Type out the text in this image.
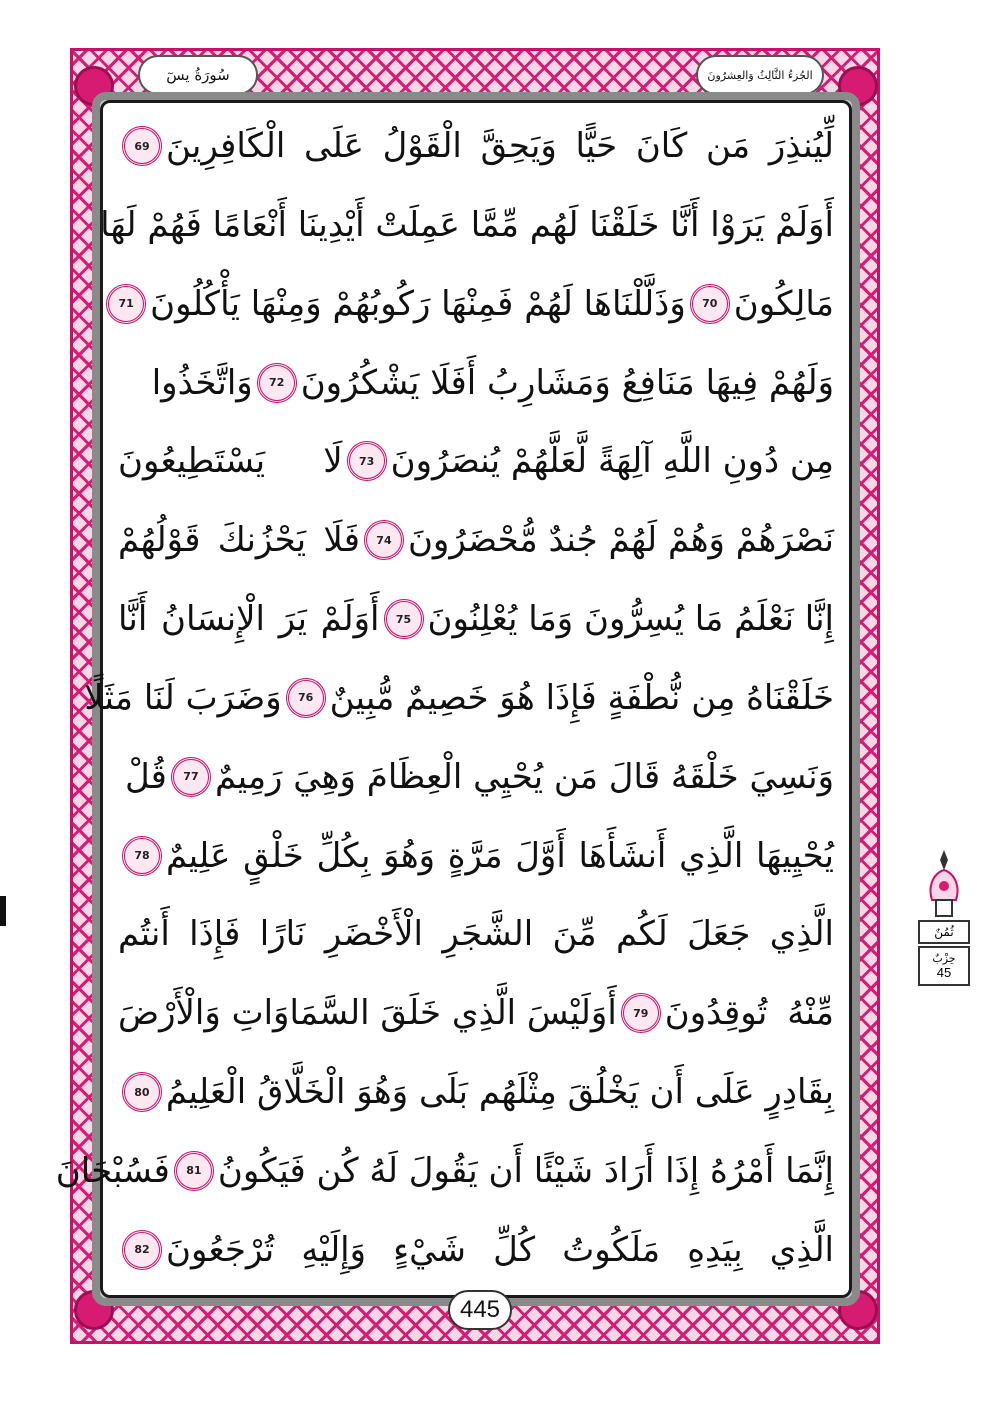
سُورَةُ يسٓ	الجُزءُ الثَّالِثُ وَالعِشرُونَ
لِّيُنذِرَ مَن كَانَ حَيًّا وَيَحِقَّ الْقَوْلُ عَلَى الْكَافِرِينَ
69
أَوَلَمْ يَرَوْا أَنَّا خَلَقْنَا لَهُم مِّمَّا عَمِلَتْ أَيْدِينَا أَنْعَامًا فَهُمْ لَهَا
مَالِكُونَ
70
وَذَلَّلْنَاهَا لَهُمْ فَمِنْهَا رَكُوبُهُمْ وَمِنْهَا يَأْكُلُونَ
71
وَلَهُمْ فِيهَا مَنَافِعُ وَمَشَارِبُ أَفَلَا يَشْكُرُونَ
72
وَاتَّخَذُوا
مِن دُونِ اللَّهِ آلِهَةً لَّعَلَّهُمْ يُنصَرُونَ
73
لَا يَسْتَطِيعُونَ
نَصْرَهُمْ وَهُمْ لَهُمْ جُندٌ مُّحْضَرُونَ
74
فَلَا يَحْزُنكَ قَوْلُهُمْ
إِنَّا نَعْلَمُ مَا يُسِرُّونَ وَمَا يُعْلِنُونَ
75
أَوَلَمْ يَرَ الْإِنسَانُ أَنَّا
خَلَقْنَاهُ مِن نُّطْفَةٍ فَإِذَا هُوَ خَصِيمٌ مُّبِينٌ
76
وَضَرَبَ لَنَا مَثَلًا
وَنَسِيَ خَلْقَهُ قَالَ مَن يُحْيِي الْعِظَامَ وَهِيَ رَمِيمٌ
77
قُلْ
يُحْيِيهَا الَّذِي أَنشَأَهَا أَوَّلَ مَرَّةٍ وَهُوَ بِكُلِّ خَلْقٍ عَلِيمٌ
78
الَّذِي جَعَلَ لَكُم مِّنَ الشَّجَرِ الْأَخْضَرِ نَارًا فَإِذَا أَنتُم
مِّنْهُ تُوقِدُونَ
79
أَوَلَيْسَ الَّذِي خَلَقَ السَّمَاوَاتِ وَالْأَرْضَ
بِقَادِرٍ عَلَى أَن يَخْلُقَ مِثْلَهُم بَلَى وَهُوَ الْخَلَّاقُ الْعَلِيمُ
80
إِنَّمَا أَمْرُهُ إِذَا أَرَادَ شَيْئًا أَن يَقُولَ لَهُ كُن فَيَكُونُ
81
فَسُبْحَانَ
الَّذِي بِيَدِهِ مَلَكُوتُ كُلِّ شَيْءٍ وَإِلَيْهِ تُرْجَعُونَ
82
445
ثُمُنٌ
حِزْبٌ
45
